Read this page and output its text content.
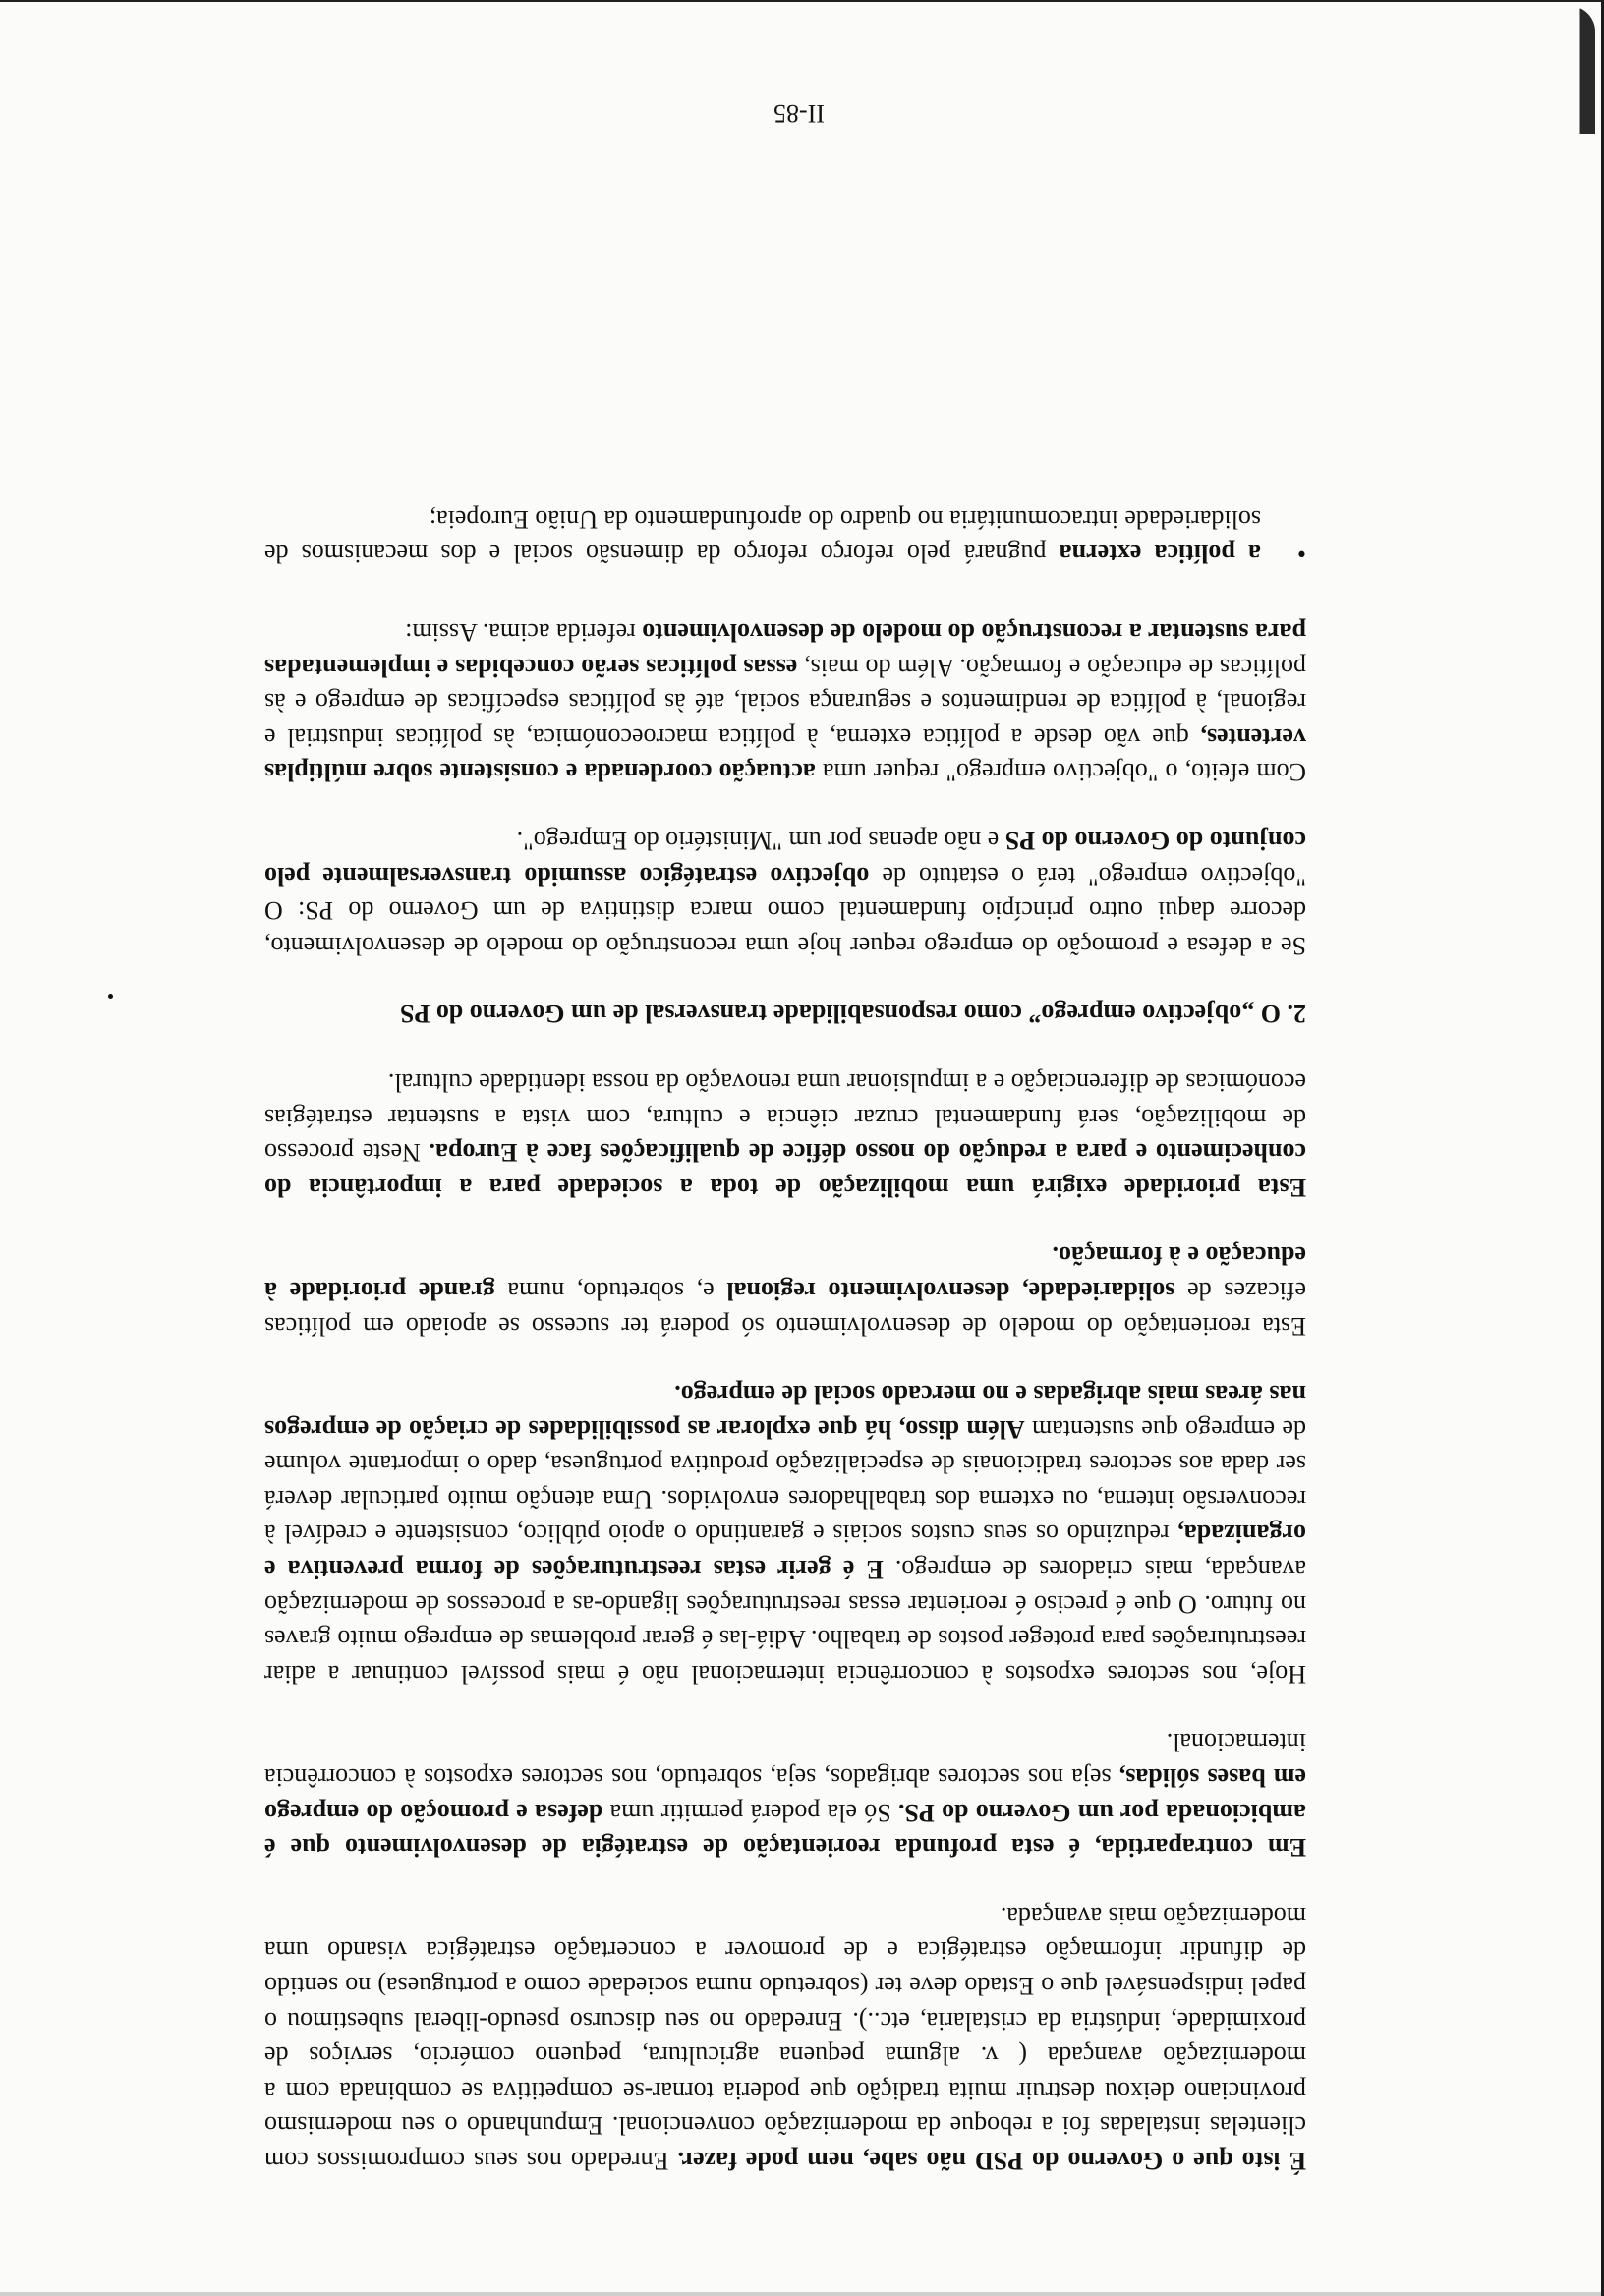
É isto que o Governo do PSD não sabe, nem pode fazer. Enredado nos seus compromissos com clientelas instaladas foi a reboque da modernização convencional. Empunhando o seu modernismo provinciano deixou destruir muita tradição que poderia tornar-se competitiva se combinada com a modernização avançada ( v. alguma pequena agricultura, pequeno comércio, serviços de proximidade, indústria da cristalaria, etc..). Enredado no seu discurso pseudo-liberal subestimou o papel indispensável que o Estado deve ter (sobretudo numa sociedade como a portuguesa) no sentido de difundir informação estratégica e de promover a concertação estratégica visando uma modernização mais avançada.

Em contrapartida, é esta profunda reorientação de estratégia de desenvolvimento que é ambicionada por um Governo do PS. Só ela poderá permitir uma defesa e promoção do emprego em bases sólidas, seja nos sectores abrigados, seja, sobretudo, nos sectores expostos à concorrência internacional.

Hoje, nos sectores expostos à concorrência internacional não é mais possível continuar a adiar reestruturações para proteger postos de trabalho. Adiá-las é gerar problemas de emprego muito graves no futuro. O que é preciso é reorientar essas reestruturações ligando-as a processos de modernização avançada, mais criadores de emprego. E é gerir estas reestruturações de forma preventiva e organizada, reduzindo os seus custos sociais e garantindo o apoio público, consistente e credível à reconversão interna, ou externa dos trabalhadores envolvidos. Uma atenção muito particular deverá ser dada aos sectores tradicionais de especialização produtiva portuguesa, dado o importante volume de emprego que sustentam Além disso, há que explorar as possibilidades de criação de empregos nas áreas mais abrigadas e no mercado social de emprego.

Esta reorientação do modelo de desenvolvimento só poderá ter sucesso se apoiado em políticas eficazes de solidariedade, desenvolvimento regional e, sobretudo, numa grande prioridade à educação e à formação.

Esta prioridade exigirá uma mobilização de toda a sociedade para a importância do conhecimento e para a redução do nosso défice de qualificações face à Europa. Neste processo de mobilização, será fundamental cruzar ciência e cultura, com vista a sustentar estratégias económicas de diferenciação e a impulsionar uma renovação da nossa identidade cultural.

2. O „objectivo emprego” como responsabilidade transversal de um Governo do PS

Se a defesa e promoção do emprego requer hoje uma reconstrução do modelo de desenvolvimento, decorre daqui outro princípio fundamental como marca distintiva de um Governo do PS: O "objectivo emprego" terá o estatuto de objectivo estratégico assumido transversalmente pelo conjunto do Governo do PS e não apenas por um "Ministério do Emprego".

Com efeito, o "objectivo emprego" requer uma actuação coordenada e consistente sobre múltiplas vertentes, que vão desde a política externa, à política macroeconómica, às políticas industrial e regional, à política de rendimentos e segurança social, até às políticas específicas de emprego e às políticas de educação e formação. Além do mais, essas políticas serão concebidas e implementadas para sustentar a reconstrução do modelo de desenvolvimento referida acima. Assim:

•
a política externa pugnará pelo reforço reforço da dimensão social e dos mecanismos de solidariedade intracomunitária no quadro do aprofundamento da União Europeia;
II-85
